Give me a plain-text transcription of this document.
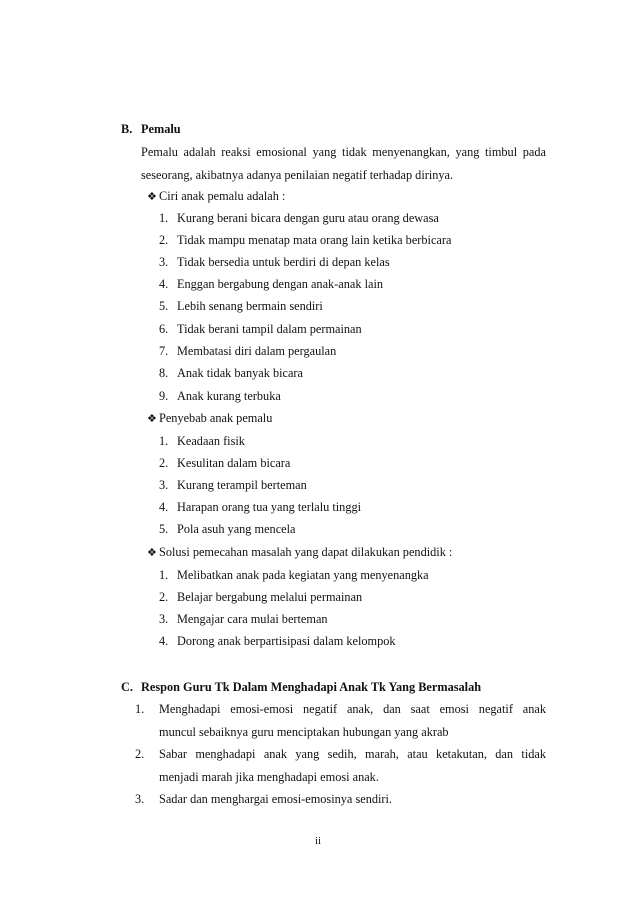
B. Pemalu
Pemalu adalah reaksi emosional yang tidak menyenangkan, yang timbul pada
seseorang, akibatnya adanya penilaian negatif terhadap dirinya.
❖ Ciri anak pemalu adalah :
1. Kurang berani bicara dengan guru atau orang dewasa
2. Tidak mampu menatap mata orang lain ketika berbicara
3. Tidak bersedia untuk berdiri di depan kelas
4. Enggan bergabung dengan anak-anak lain
5. Lebih senang bermain sendiri
6. Tidak berani tampil dalam permainan
7. Membatasi diri dalam pergaulan
8. Anak tidak banyak bicara
9. Anak kurang terbuka
❖ Penyebab anak pemalu
1. Keadaan fisik
2. Kesulitan dalam bicara
3. Kurang terampil berteman
4. Harapan orang tua yang terlalu tinggi
5. Pola asuh yang mencela
❖ Solusi pemecahan masalah yang dapat dilakukan pendidik :
1. Melibatkan anak pada kegiatan yang menyenangka
2. Belajar bergabung melalui permainan
3. Mengajar cara mulai berteman
4. Dorong anak berpartisipasi dalam kelompok
C. Respon Guru Tk Dalam Menghadapi Anak Tk Yang Bermasalah
1.	Menghadapi emosi-emosi negatif anak, dan saat emosi negatif anak
muncul sebaiknya guru menciptakan hubungan yang akrab
2.	Sabar menghadapi anak yang sedih, marah, atau ketakutan, dan tidak
menjadi marah jika menghadapi emosi anak.
3. Sadar dan menghargai emosi-emosinya sendiri.
ii
